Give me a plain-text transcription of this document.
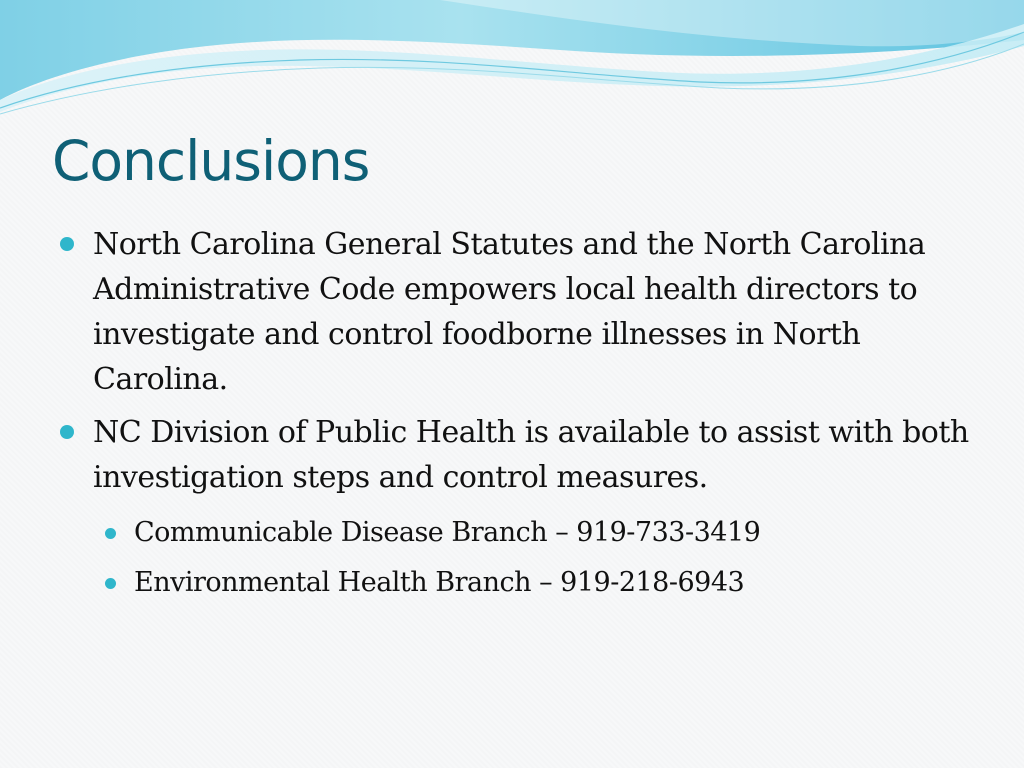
Conclusions
North Carolina General Statutes and the North Carolina Administrative Code empowers local health directors to investigate and control foodborne illnesses in North Carolina.
NC Division of Public Health is available to assist with both investigation steps and control measures.
Communicable Disease Branch – 919-733-3419
Environmental Health Branch – 919-218-6943
